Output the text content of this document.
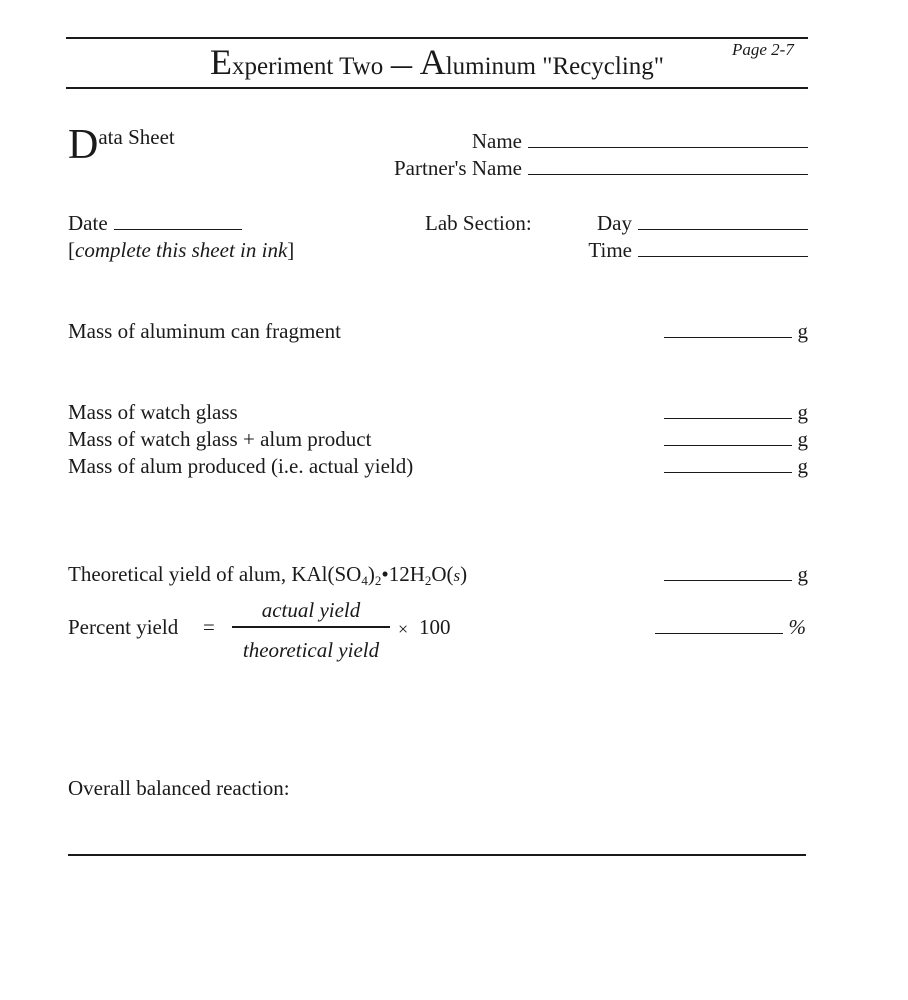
Page 2-7
Experiment Two — Aluminum "Recycling"
Data Sheet	Name
Partner's Name
Date
[complete this sheet in ink]
Lab Section:	Day
Time
Mass of aluminum can fragment	g
Mass of watch glass	g
Mass of watch glass + alum product	g
Mass of alum produced (i.e. actual yield)	g
Theoretical yield of alum, $KAl(SO_4)_2•12H_2O(s)$	g
Percent yield =
actual yield
theoretical yield
× 100	%
Overall balanced reaction:
